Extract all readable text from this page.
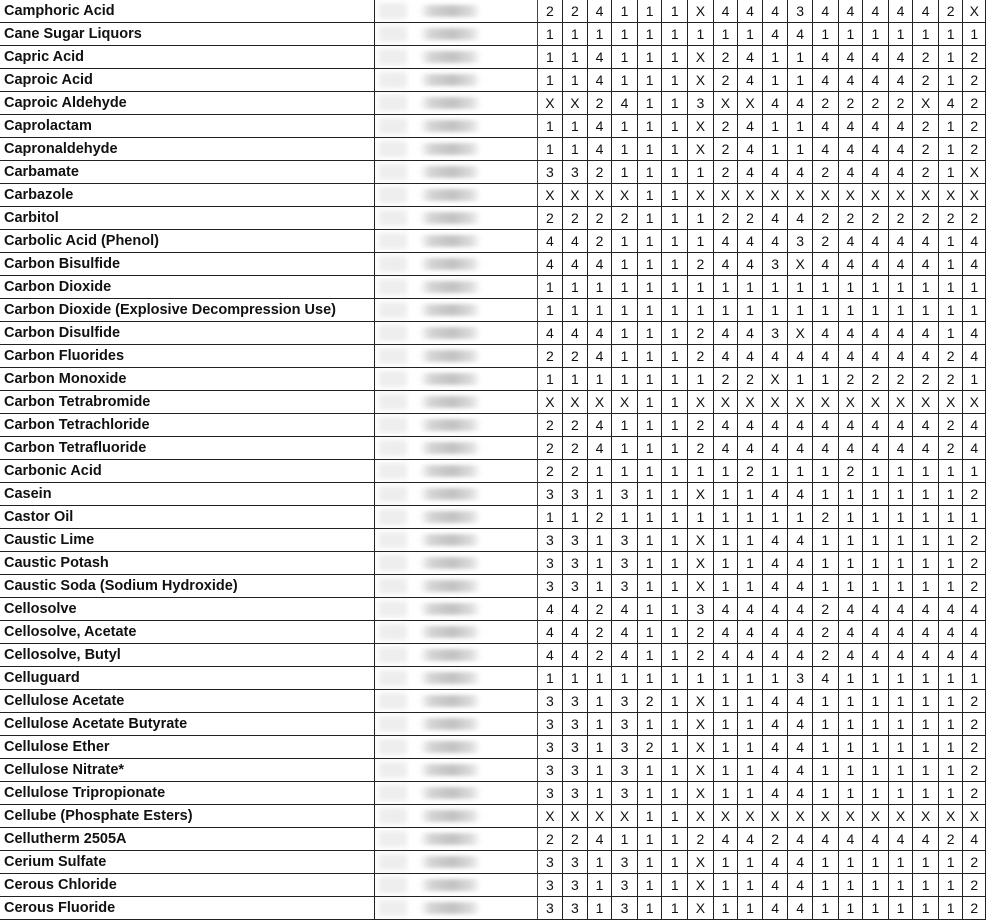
Camphoric Acid		2	2	4	1	1	1	X	4	4	4	3	4	4	4	4	4	2	X
Cane Sugar Liquors		1	1	1	1	1	1	1	1	1	4	4	1	1	1	1	1	1	1
Capric Acid		1	1	4	1	1	1	X	2	4	1	1	4	4	4	4	2	1	2
Caproic Acid		1	1	4	1	1	1	X	2	4	1	1	4	4	4	4	2	1	2
Caproic Aldehyde		X	X	2	4	1	1	3	X	X	4	4	2	2	2	2	X	4	2
Caprolactam		1	1	4	1	1	1	X	2	4	1	1	4	4	4	4	2	1	2
Capronaldehyde		1	1	4	1	1	1	X	2	4	1	1	4	4	4	4	2	1	2
Carbamate		3	3	2	1	1	1	1	2	4	4	4	2	4	4	4	2	1	X
Carbazole		X	X	X	X	1	1	X	X	X	X	X	X	X	X	X	X	X	X
Carbitol		2	2	2	2	1	1	1	2	2	4	4	2	2	2	2	2	2	2
Carbolic Acid (Phenol)		4	4	2	1	1	1	1	4	4	4	3	2	4	4	4	4	1	4
Carbon Bisulfide		4	4	4	1	1	1	2	4	4	3	X	4	4	4	4	4	1	4
Carbon Dioxide		1	1	1	1	1	1	1	1	1	1	1	1	1	1	1	1	1	1
Carbon Dioxide (Explosive Decompression Use)		1	1	1	1	1	1	1	1	1	1	1	1	1	1	1	1	1	1
Carbon Disulfide		4	4	4	1	1	1	2	4	4	3	X	4	4	4	4	4	1	4
Carbon Fluorides		2	2	4	1	1	1	2	4	4	4	4	4	4	4	4	4	2	4
Carbon Monoxide		1	1	1	1	1	1	1	2	2	X	1	1	2	2	2	2	2	1
Carbon Tetrabromide		X	X	X	X	1	1	X	X	X	X	X	X	X	X	X	X	X	X
Carbon Tetrachloride		2	2	4	1	1	1	2	4	4	4	4	4	4	4	4	4	2	4
Carbon Tetrafluoride		2	2	4	1	1	1	2	4	4	4	4	4	4	4	4	4	2	4
Carbonic Acid		2	2	1	1	1	1	1	1	2	1	1	1	2	1	1	1	1	1
Casein		3	3	1	3	1	1	X	1	1	4	4	1	1	1	1	1	1	2
Castor Oil		1	1	2	1	1	1	1	1	1	1	1	2	1	1	1	1	1	1
Caustic Lime		3	3	1	3	1	1	X	1	1	4	4	1	1	1	1	1	1	2
Caustic Potash		3	3	1	3	1	1	X	1	1	4	4	1	1	1	1	1	1	2
Caustic Soda (Sodium Hydroxide)		3	3	1	3	1	1	X	1	1	4	4	1	1	1	1	1	1	2
Cellosolve		4	4	2	4	1	1	3	4	4	4	4	2	4	4	4	4	4	4
Cellosolve, Acetate		4	4	2	4	1	1	2	4	4	4	4	2	4	4	4	4	4	4
Cellosolve, Butyl		4	4	2	4	1	1	2	4	4	4	4	2	4	4	4	4	4	4
Celluguard		1	1	1	1	1	1	1	1	1	1	3	4	1	1	1	1	1	1
Cellulose Acetate		3	3	1	3	2	1	X	1	1	4	4	1	1	1	1	1	1	2
Cellulose Acetate Butyrate		3	3	1	3	1	1	X	1	1	4	4	1	1	1	1	1	1	2
Cellulose Ether		3	3	1	3	2	1	X	1	1	4	4	1	1	1	1	1	1	2
Cellulose Nitrate*		3	3	1	3	1	1	X	1	1	4	4	1	1	1	1	1	1	2
Cellulose Tripropionate		3	3	1	3	1	1	X	1	1	4	4	1	1	1	1	1	1	2
Cellube (Phosphate Esters)		X	X	X	X	1	1	X	X	X	X	X	X	X	X	X	X	X	X
Cellutherm 2505A		2	2	4	1	1	1	2	4	4	2	4	4	4	4	4	4	2	4
Cerium Sulfate		3	3	1	3	1	1	X	1	1	4	4	1	1	1	1	1	1	2
Cerous Chloride		3	3	1	3	1	1	X	1	1	4	4	1	1	1	1	1	1	2
Cerous Fluoride		3	3	1	3	1	1	X	1	1	4	4	1	1	1	1	1	1	2
